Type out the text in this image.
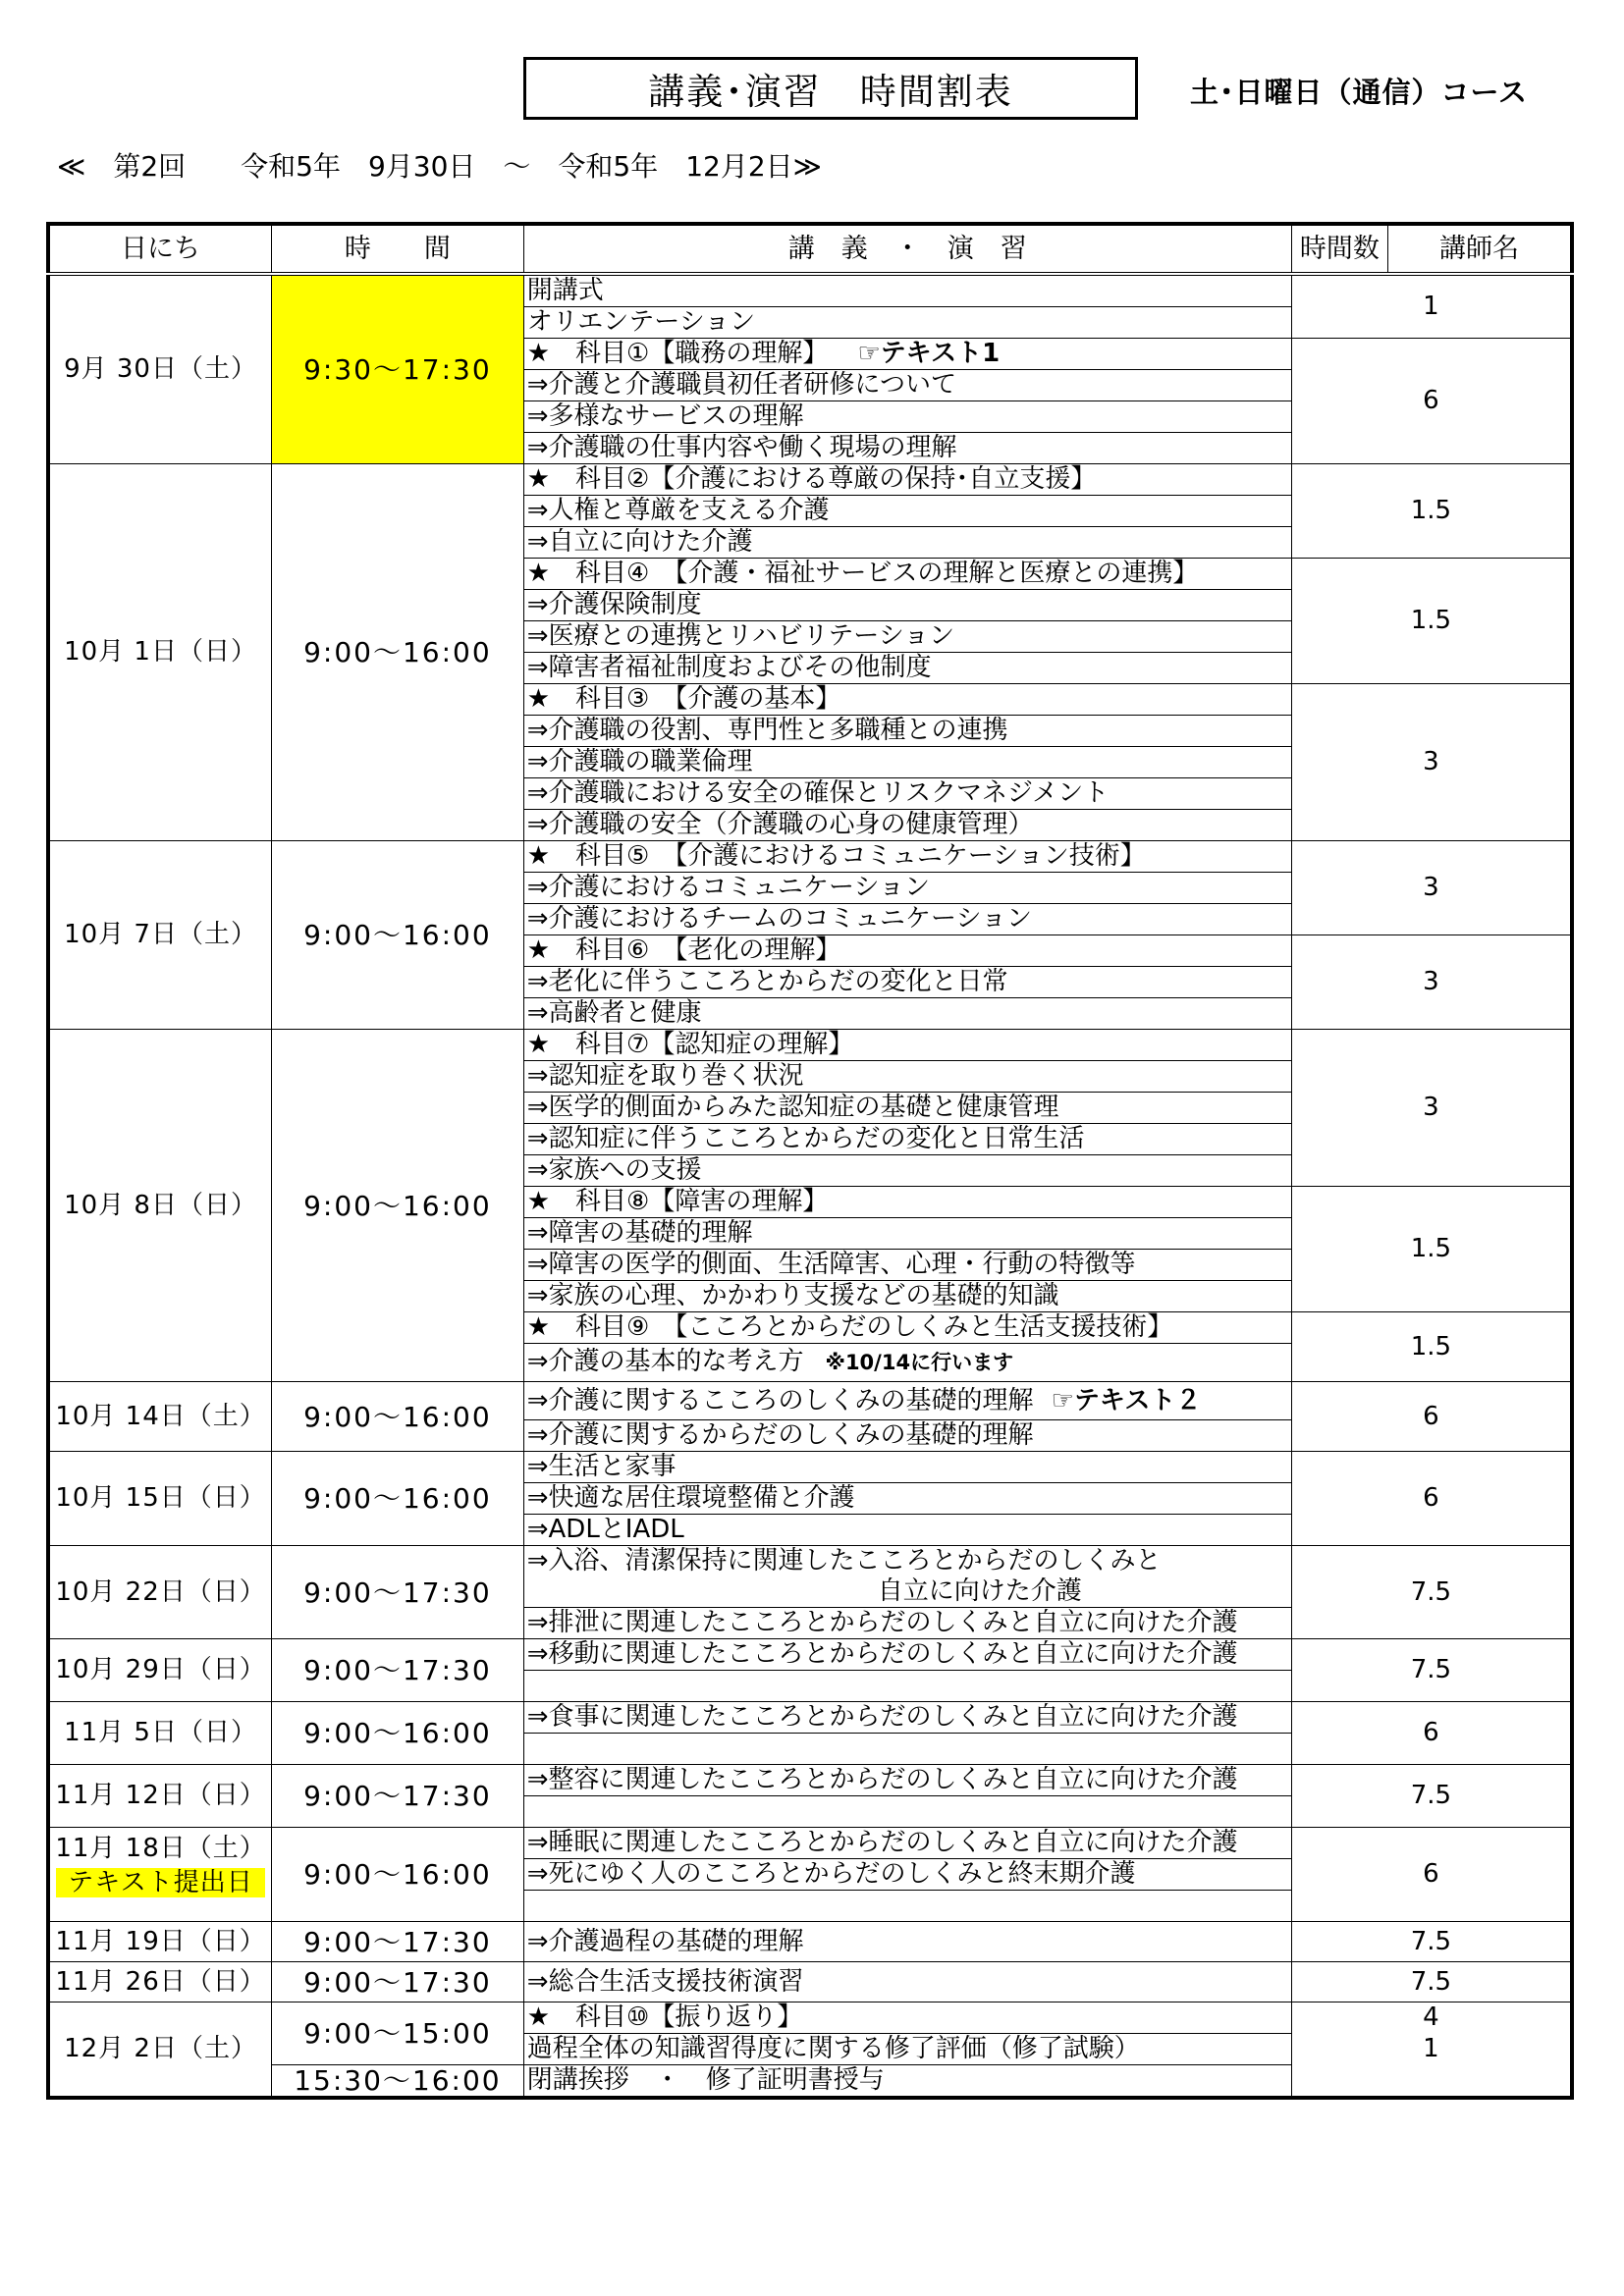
講義･演習　時間割表	土･日曜日（通信）コース
≪　第2回　　令和5年　9月30日　～　令和5年　12月2日≫
日にち	時　　間	講　義　・　演　習	時間数	講師名
9月 30日（土）	9:30～17:30	開講式	1	
		オリエンテーション		
		★　科目①【職務の理解】 ☞テキスト1	6	
		⇒介護と介護職員初任者研修について		
		⇒多様なサービスの理解		
		⇒介護職の仕事内容や働く現場の理解		
10月 1日（日）	9:00～16:00	★　科目②【介護における尊厳の保持･自立支援】	1.5	
		⇒人権と尊厳を支える介護		
		⇒自立に向けた介護		
		★　科目④　【介護・福祉サービスの理解と医療との連携】	1.5	
		⇒介護保険制度		
		⇒医療との連携とリハビリテーション		
		⇒障害者福祉制度およびその他制度		
		★　科目③　【介護の基本】	3	
		⇒介護職の役割、専門性と多職種との連携		
		⇒介護職の職業倫理		
		⇒介護職における安全の確保とリスクマネジメント		
		⇒介護職の安全（介護職の心身の健康管理）		
10月 7日（土）	9:00～16:00	★　科目⑤　【介護におけるコミュニケーション技術】	3	
		⇒介護におけるコミュニケーション		
		⇒介護におけるチームのコミュニケーション		
		★　科目⑥　【老化の理解】	3	
		⇒老化に伴うこころとからだの変化と日常		
		⇒高齢者と健康		
10月 8日（日）	9:00～16:00	★　科目⑦【認知症の理解】	3	
		⇒認知症を取り巻く状況		
		⇒医学的側面からみた認知症の基礎と健康管理		
		⇒認知症に伴うこころとからだの変化と日常生活		
		⇒家族への支援		
		★　科目⑧【障害の理解】	1.5	
		⇒障害の基礎的理解		
		⇒障害の医学的側面、生活障害、心理・行動の特徴等		
		⇒家族の心理、かかわり支援などの基礎的知識		
		★　科目⑨　【こころとからだのしくみと生活支援技術】	1.5	
		⇒介護の基本的な考え方 ※10/14に行います		
10月 14日（土）	9:00～16:00	⇒介護に関するこころのしくみの基礎的理解 ☞テキスト２	6	
		⇒介護に関するからだのしくみの基礎的理解		
10月 15日（日）	9:00～16:00	⇒生活と家事	6	
		⇒快適な居住環境整備と介護		
		⇒ADLとIADL		
10月 22日（日）	9:00～17:30	⇒入浴、清潔保持に関連したこころとからだのしくみと	7.5	
		自立に向けた介護		
		⇒排泄に関連したこころとからだのしくみと自立に向けた介護		
10月 29日（日）	9:00～17:30	⇒移動に関連したこころとからだのしくみと自立に向けた介護	7.5	

11月 5日（日）	9:00～16:00	⇒食事に関連したこころとからだのしくみと自立に向けた介護	6	

11月 12日（日）	9:00～17:30	⇒整容に関連したこころとからだのしくみと自立に向けた介護	7.5	

11月 18日（土）
テキスト提出日	9:00～16:00	⇒睡眠に関連したこころとからだのしくみと自立に向けた介護	6	
		⇒死にゆく人のこころとからだのしくみと終末期介護		

11月 19日（日）	9:00～17:30	⇒介護過程の基礎的理解	7.5	
11月 26日（日）	9:00～17:30	⇒総合生活支援技術演習	7.5	
12月 2日（土）	9:00～15:00	★　科目⑩【振り返り】	4	
		過程全体の知識習得度に関する修了評価（修了試験）	1	
	15:30～16:00	閉講挨拶　・　修了証明書授与		
